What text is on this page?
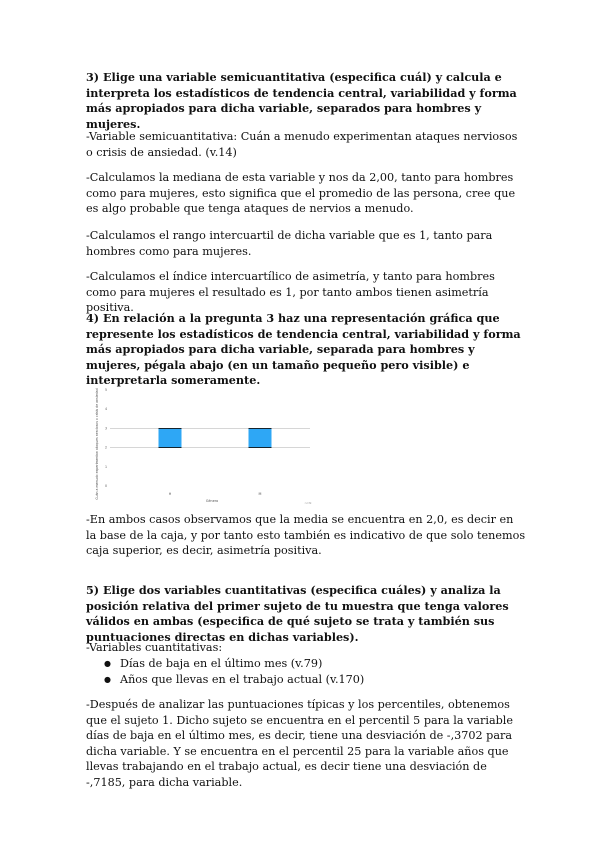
3) Elige una variable semicuantitativa (especifica cuál) y calcula e interpreta los estadísticos de tendencia central, variabilidad y forma más apropiados para dicha variable, separados para hombres y mujeres.
-Variable semicuantitativa: Cuán a menudo experimentan ataques nerviosos o crisis de ansiedad. (v.14)
-Calculamos la mediana de esta variable y nos da 2,00, tanto para hombres como para mujeres, esto significa que el promedio de las persona, cree que es algo probable que tenga ataques de nervios a menudo.
-Calculamos el rango intercuartil de dicha variable que es 1, tanto para hombres como para mujeres.
-Calculamos el índice intercuartílico de asimetría, y tanto para hombres como para mujeres el resultado es 1, por tanto ambos tienen asimetría positiva.
4) En relación a la pregunta 3 haz una representación gráfica que represente los estadísticos de tendencia central, variabilidad y forma más apropiados para dicha variable, separada para hombres y mujeres, pégala abajo (en un tamaño pequeño pero visible) e interpretarla someramente.
5
4
3
2
1
0
Cuán a menudo experimentan ataques nerviosos o crisis de ansiedad	H	M
Género	n=N
-En ambos casos observamos que la media se encuentra en 2,0, es decir en la base de la caja, y por tanto esto también es indicativo de que solo tenemos caja superior, es decir, asimetría positiva.
5) Elige dos variables cuantitativas (especifica cuáles) y analiza la posición relativa del primer sujeto de tu muestra que tenga valores válidos en ambas (especifica de qué sujeto se trata y también sus puntuaciones directas en dichas variables).
-Variables cuantitativas:
● Días de baja en el último mes (v.79)
● Años que llevas en el trabajo actual (v.170)
-Después de analizar las puntuaciones típicas y los percentiles, obtenemos que el sujeto 1. Dicho sujeto se encuentra en el percentil 5 para la variable días de baja en el último mes, es decir, tiene una desviación de -,3702 para dicha variable. Y se encuentra en el percentil 25 para la variable años que llevas trabajando en el trabajo actual, es decir tiene una desviación de -,7185, para dicha variable.
